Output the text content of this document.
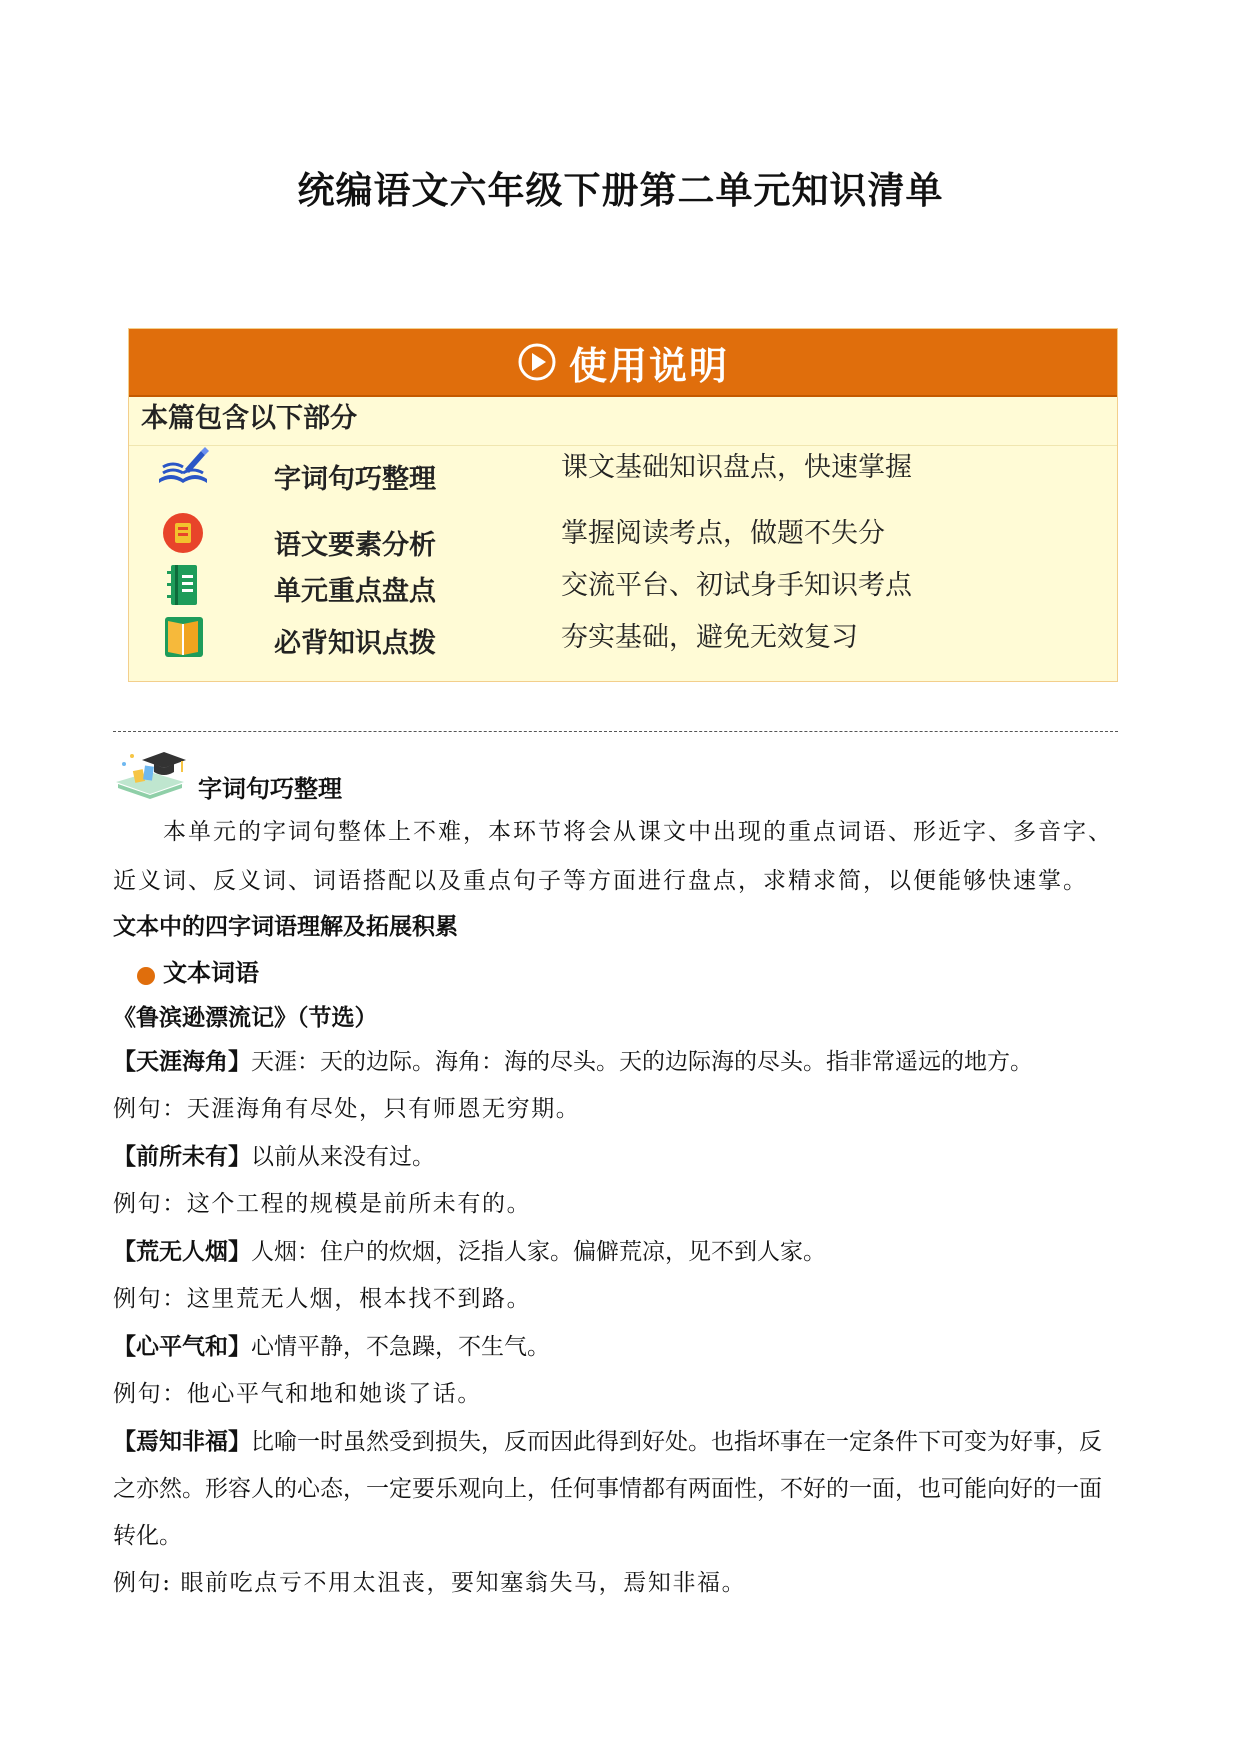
统编语文六年级下册第二单元知识清单
使用说明
本篇包含以下部分
字词句巧整理	课文基础知识盘点，快速掌握
语文要素分析	掌握阅读考点，做题不失分
单元重点盘点	交流平台、初试身手知识考点
必背知识点拨	夯实基础，避免无效复习
字词句巧整理
本单元的字词句整体上不难，本环节将会从课文中出现的重点词语、形近字、多音字、近义词、反义词、词语搭配以及重点句子等方面进行盘点，求精求简，以便能够快速掌。
文本中的四字词语理解及拓展积累
文本词语
《鲁滨逊漂流记》（节选）

【天涯海角】天涯：天的边际。海角：海的尽头。天的边际海的尽头。指非常遥远的地方。

例句：天涯海角有尽处，只有师恩无穷期。

【前所未有】以前从来没有过。

例句：这个工程的规模是前所未有的。

【荒无人烟】人烟：住户的炊烟，泛指人家。偏僻荒凉，见不到人家。

例句：这里荒无人烟，根本找不到路。

【心平气和】心情平静，不急躁，不生气。

例句：他心平气和地和她谈了话。

【焉知非福】比喻一时虽然受到损失，反而因此得到好处。也指坏事在一定条件下可变为好事，反之亦然。形容人的心态，一定要乐观向上，任何事情都有两面性，不好的一面，也可能向好的一面转化。

例句: 眼前吃点亏不用太沮丧，要知塞翁失马，焉知非福。
